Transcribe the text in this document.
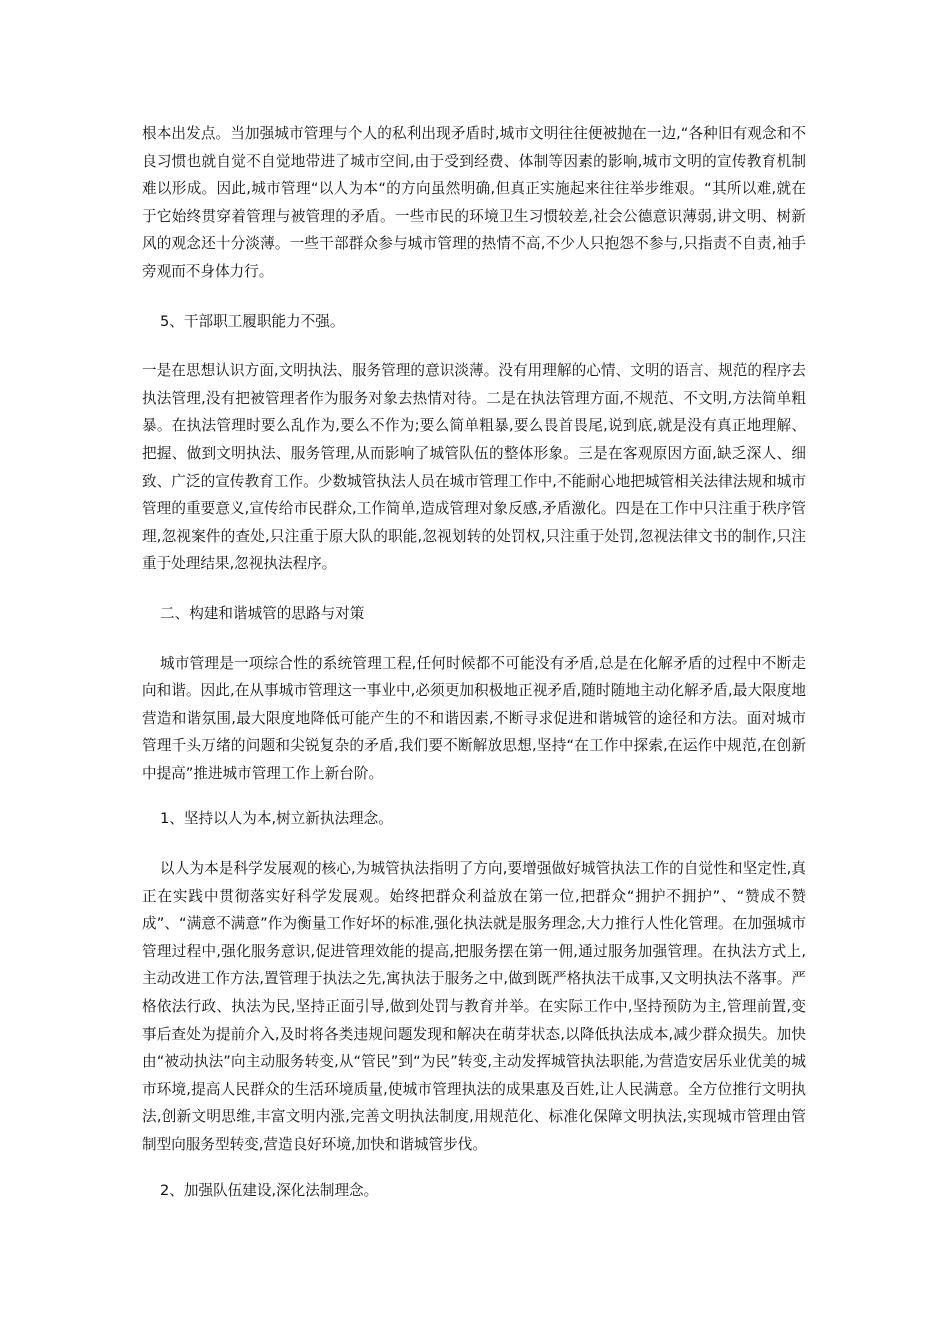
根本出发点。当加强城市管理与个人的私利出现矛盾时,城市文明往往便被抛在一边,“各种旧有观念和不良习惯也就自觉不自觉地带进了城市空间,由于受到经费、体制等因素的影响,城市文明的宣传教育机制难以形成。因此,城市管理“以人为本“的方向虽然明确,但真正实施起来往往举步维艰。“其所以难,就在于它始终贯穿着管理与被管理的矛盾。一些市民的环境卫生习惯较差,社会公德意识薄弱,讲文明、树新风的观念还十分淡薄。一些干部群众参与城市管理的热情不高,不少人只抱怨不参与,只指责不自责,袖手旁观而不身体力行。

5、干部职工履职能力不强。

一是在思想认识方面,文明执法、服务管理的意识淡薄。没有用理解的心情、文明的语言、规范的程序去执法管理,没有把被管理者作为服务对象去热情对待。二是在执法管理方面,不规范、不文明,方法简单粗暴。在执法管理时要么乱作为,要么不作为;要么简单粗暴,要么畏首畏尾,说到底,就是没有真正地理解、把握、做到文明执法、服务管理,从而影响了城管队伍的整体形象。三是在客观原因方面,缺乏深人、细致、广泛的宣传教育工作。少数城管执法人员在城市管理工作中,不能耐心地把城管相关法律法规和城市管理的重要意义,宣传给市民群众,工作简单,造成管理对象反感,矛盾激化。四是在工作中只注重于秩序管理,忽视案件的查处,只注重于原大队的职能,忽视划转的处罚权,只注重于处罚,忽视法律文书的制作,只注重于处理结果,忽视执法程序。

二、构建和谐城管的思路与对策

城市管理是一项综合性的系统管理工程,任何时候都不可能没有矛盾,总是在化解矛盾的过程中不断走向和谐。因此,在从事城市管理这一事业中,必须更加积极地正视矛盾,随时随地主动化解矛盾,最大限度地营造和谐氛围,最大限度地降低可能产生的不和谐因素,不断寻求促进和谐城管的途径和方法。面对城市管理千头万绪的问题和尖锐复杂的矛盾,我们要不断解放思想,坚持“在工作中探索,在运作中规范,在创新中提高”推进城市管理工作上新台阶。

1、坚持以人为本,树立新执法理念。

以人为本是科学发展观的核心,为城管执法指明了方向,要增强做好城管执法工作的自觉性和坚定性,真正在实践中贯彻落实好科学发展观。始终把群众利益放在第一位,把群众“拥护不拥护”、“赞成不赞成”、“满意不满意”作为衡量工作好坏的标准,强化执法就是服务理念,大力推行人性化管理。在加强城市管理过程中,强化服务意识,促进管理效能的提高,把服务摆在第一佣,通过服务加强管理。在执法方式上,主动改进工作方法,置管理于执法之先,寓执法于服务之中,做到既严格执法干成事,又文明执法不落事。严格依法行政、执法为民,坚持正面引导,做到处罚与教育并举。在实际工作中,坚持预防为主,管理前置,变事后查处为提前介入,及时将各类违规问题发现和解决在萌芽状态,以降低执法成本,减少群众损失。加快由“被动执法”向主动服务转变,从“管民”到“为民”转变,主动发挥城管执法职能,为营造安居乐业优美的城市环境,提高人民群众的生活环境质量,使城市管理执法的成果惠及百姓,让人民满意。全方位推行文明执法,创新文明思维,丰富文明内涨,完善文明执法制度,用规范化、标准化保障文明执法,实现城市管理由管制型向服务型转变,营造良好环境,加快和谐城管步伐。

2、加强队伍建设,深化法制理念。
